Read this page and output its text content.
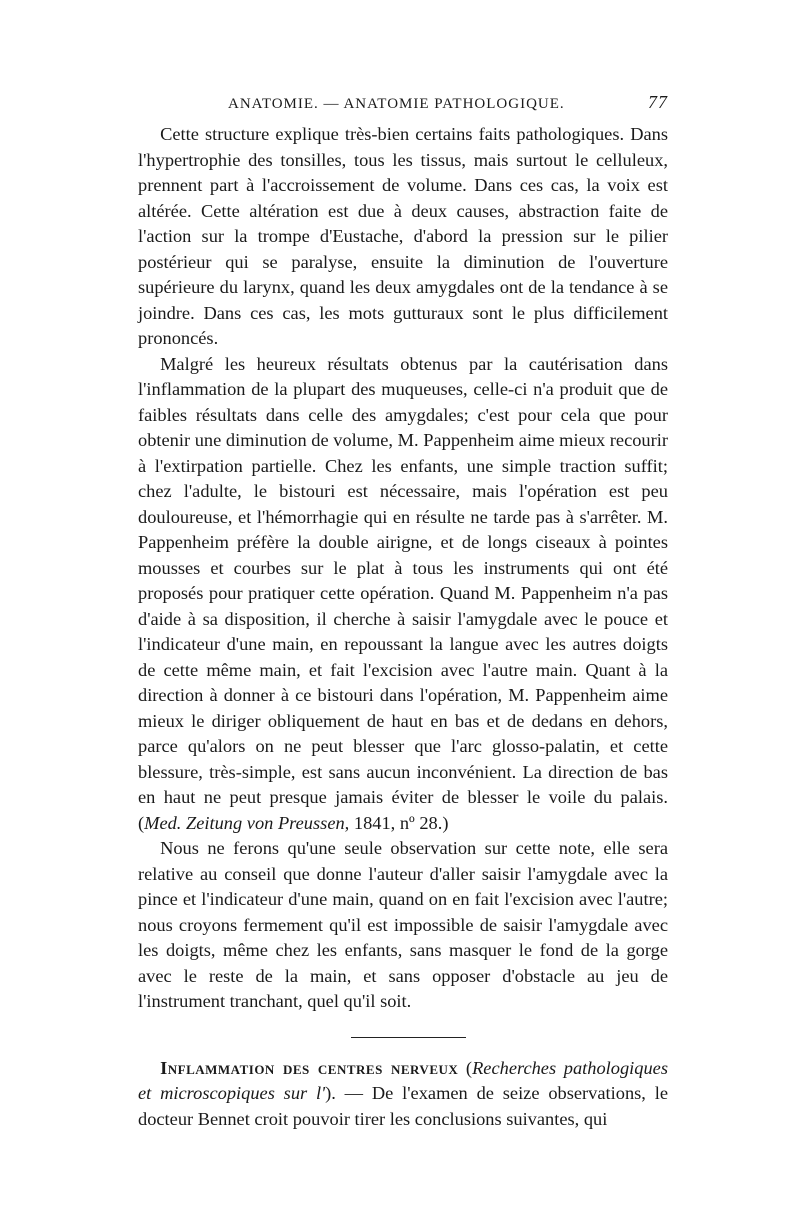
ANATOMIE. — ANATOMIE PATHOLOGIQUE.	77

Cette structure explique très-bien certains faits pathologiques. Dans l'hypertrophie des tonsilles, tous les tissus, mais surtout le celluleux, prennent part à l'accroissement de volume. Dans ces cas, la voix est altérée. Cette altération est due à deux causes, abstraction faite de l'action sur la trompe d'Eustache, d'abord la pression sur le pilier postérieur qui se paralyse, ensuite la diminution de l'ouverture supérieure du larynx, quand les deux amygdales ont de la tendance à se joindre. Dans ces cas, les mots gutturaux sont le plus difficilement prononcés.

Malgré les heureux résultats obtenus par la cautérisation dans l'inflammation de la plupart des muqueuses, celle-ci n'a produit que de faibles résultats dans celle des amygdales; c'est pour cela que pour obtenir une diminution de volume, M. Pappenheim aime mieux recourir à l'extirpation partielle. Chez les enfants, une simple traction suffit; chez l'adulte, le bistouri est nécessaire, mais l'opération est peu douloureuse, et l'hémorrhagie qui en résulte ne tarde pas à s'arrêter. M. Pappenheim préfère la double airigne, et de longs ciseaux à pointes mousses et courbes sur le plat à tous les instruments qui ont été proposés pour pratiquer cette opération. Quand M. Pappenheim n'a pas d'aide à sa disposition, il cherche à saisir l'amygdale avec le pouce et l'indicateur d'une main, en repoussant la langue avec les autres doigts de cette même main, et fait l'excision avec l'autre main. Quant à la direction à donner à ce bistouri dans l'opération, M. Pappenheim aime mieux le diriger obliquement de haut en bas et de dedans en dehors, parce qu'alors on ne peut blesser que l'arc glosso-palatin, et cette blessure, très-simple, est sans aucun inconvénient. La direction de bas en haut ne peut presque jamais éviter de blesser le voile du palais. (Med. Zeitung von Preussen, 1841, nº 28.)

Nous ne ferons qu'une seule observation sur cette note, elle sera relative au conseil que donne l'auteur d'aller saisir l'amygdale avec la pince et l'indicateur d'une main, quand on en fait l'excision avec l'autre; nous croyons fermement qu'il est impossible de saisir l'amygdale avec les doigts, même chez les enfants, sans masquer le fond de la gorge avec le reste de la main, et sans opposer d'obstacle au jeu de l'instrument tranchant, quel qu'il soit.

Inflammation des centres nerveux (Recherches pathologiques et microscopiques sur l'). — De l'examen de seize observations, le docteur Bennet croit pouvoir tirer les conclusions suivantes, qui
